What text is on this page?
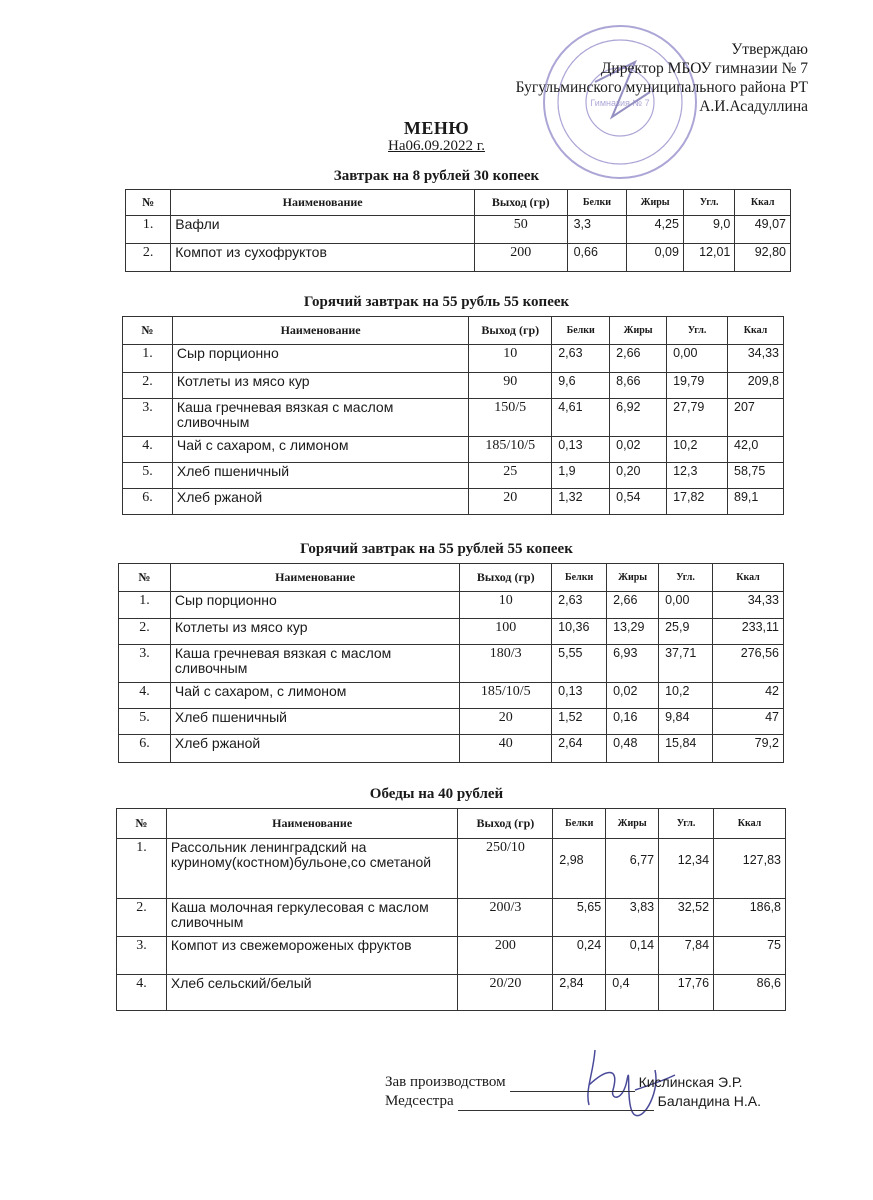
Гимназия № 7
Утверждаю
Директор МБОУ гимназии № 7
Бугульминского муниципального района РТ
А.И.Асадуллина
МЕНЮ
На06.09.2022 г.
Завтрак на 8 рублей 30 копеек
№	Наименование	Выход (гр)	Белки	Жиры	Угл.	Ккал
1.	Вафли	50	3,3	4,25	9,0	49,07
2.	Компот из сухофруктов	200	0,66	0,09	12,01	92,80
Горячий завтрак на 55 рубль 55 копеек
№	Наименование	Выход (гр)	Белки	Жиры	Угл.	Ккал
1.	Сыр порционно	10	2,63	2,66	0,00	34,33
2.	Котлеты из мясо кур	90	9,6	8,66	19,79	209,8
3.	Каша гречневая вязкая с маслом сливочным	150/5	4,61	6,92	27,79	207
4.	Чай с сахаром, с лимоном	185/10/5	0,13	0,02	10,2	42,0
5.	Хлеб пшеничный	25	1,9	0,20	12,3	58,75
6.	Хлеб ржаной	20	1,32	0,54	17,82	89,1
Горячий завтрак на 55 рублей 55 копеек
№	Наименование	Выход (гр)	Белки	Жиры	Угл.	Ккал
1.	Сыр порционно	10	2,63	2,66	0,00	34,33
2.	Котлеты из мясо кур	100	10,36	13,29	25,9	233,11
3.	Каша гречневая вязкая с маслом сливочным	180/3	5,55	6,93	37,71	276,56
4.	Чай с сахаром, с лимоном	185/10/5	0,13	0,02	10,2	42
5.	Хлеб пшеничный	20	1,52	0,16	9,84	47
6.	Хлеб ржаной	40	2,64	0,48	15,84	79,2
Обеды на 40 рублей
№	Наименование	Выход (гр)	Белки	Жиры	Угл.	Ккал
1.	Рассольник ленинградский на куриному(костном)бульоне,со сметаной	250/10	2,98	6,77	12,34	127,83
2.	Каша молочная геркулесовая с маслом сливочным	200/3	5,65	3,83	32,52	186,8
3.	Компот из свежемороженых фруктов	200	0,24	0,14	7,84	75
4.	Хлеб сельский/белый	20/20	2,84	0,4	17,76	86,6
Зав производством	Кислинская Э.Р.
Медсестра	Баландина Н.А.
